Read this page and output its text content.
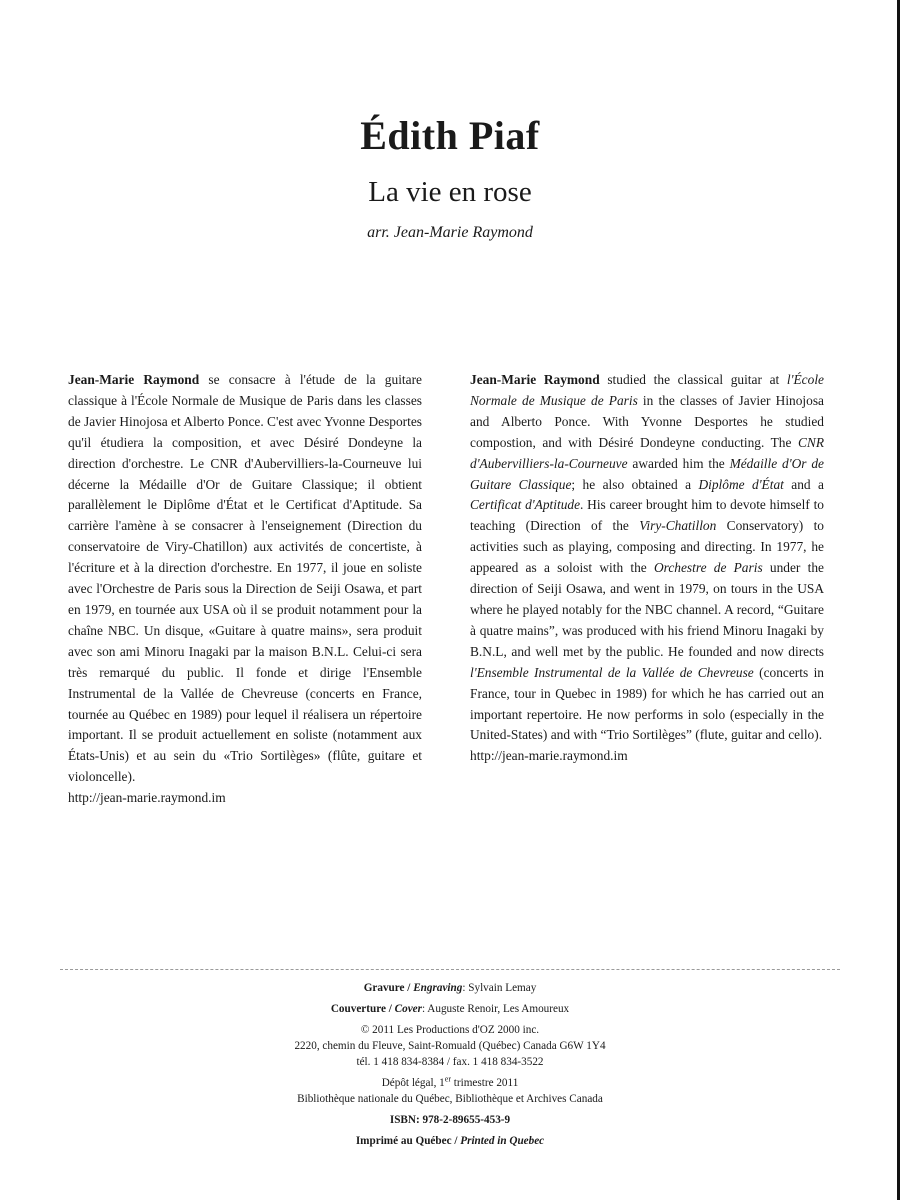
Édith Piaf
La vie en rose
arr. Jean-Marie Raymond

Jean-Marie Raymond se consacre à l'étude de la guitare classique à l'École Normale de Musique de Paris dans les classes de Javier Hinojosa et Alberto Ponce. C'est avec Yvonne Desportes qu'il étudiera la composition, et avec Désiré Dondeyne la direction d'orchestre. Le CNR d'Aubervilliers-la-Courneuve lui décerne la Médaille d'Or de Guitare Classique; il obtient parallèlement le Diplôme d'État et le Certificat d'Aptitude. Sa carrière l'amène à se consacrer à l'enseignement (Direction du conservatoire de Viry-Chatillon) aux activités de concertiste, à l'écriture et à la direction d'orchestre. En 1977, il joue en soliste avec l'Orchestre de Paris sous la Direction de Seiji Osawa, et part en 1979, en tournée aux USA où il se produit notamment pour la chaîne NBC. Un disque, «Guitare à quatre mains», sera produit avec son ami Minoru Inagaki par la maison B.N.L. Celui-ci sera très remarqué du public. Il fonde et dirige l'Ensemble Instrumental de la Vallée de Chevreuse (concerts en France, tournée au Québec en 1989) pour lequel il réalisera un répertoire important. Il se produit actuellement en soliste (notamment aux États-Unis) et au sein du «Trio Sortilèges» (flûte, guitare et violoncelle).

http://jean-marie.raymond.im

Jean-Marie Raymond studied the classical guitar at l'École Normale de Musique de Paris in the classes of Javier Hinojosa and Alberto Ponce. With Yvonne Desportes he studied compostion, and with Désiré Dondeyne conducting. The CNR d'Aubervilliers-la-Courneuve awarded him the Médaille d'Or de Guitare Classique; he also obtained a Diplôme d'État and a Certificat d'Aptitude. His career brought him to devote himself to teaching (Direction of the Viry-Chatillon Conservatory) to activities such as playing, composing and directing. In 1977, he appeared as a soloist with the Orchestre de Paris under the direction of Seiji Osawa, and went in 1979, on tours in the USA where he played notably for the NBC channel. A record, “Guitare à quatre mains”, was produced with his friend Minoru Inagaki by B.N.L, and well met by the public. He founded and now directs l'Ensemble Instrumental de la Vallée de Chevreuse (concerts in France, tour in Quebec in 1989) for which he has carried out an important repertoire. He now performs in solo (especially in the United-States) and with “Trio Sortilèges” (flute, guitar and cello).

http://jean-marie.raymond.im
Gravure / Engraving: Sylvain Lemay
Couverture / Cover: Auguste Renoir, Les Amoureux
© 2011 Les Productions d'OZ 2000 inc.
2220, chemin du Fleuve, Saint-Romuald (Québec) Canada G6W 1Y4
tél. 1 418 834-8384 / fax. 1 418 834-3522
Dépôt légal, 1er trimestre 2011
Bibliothèque nationale du Québec, Bibliothèque et Archives Canada
ISBN: 978-2-89655-453-9
Imprimé au Québec / Printed in Quebec
